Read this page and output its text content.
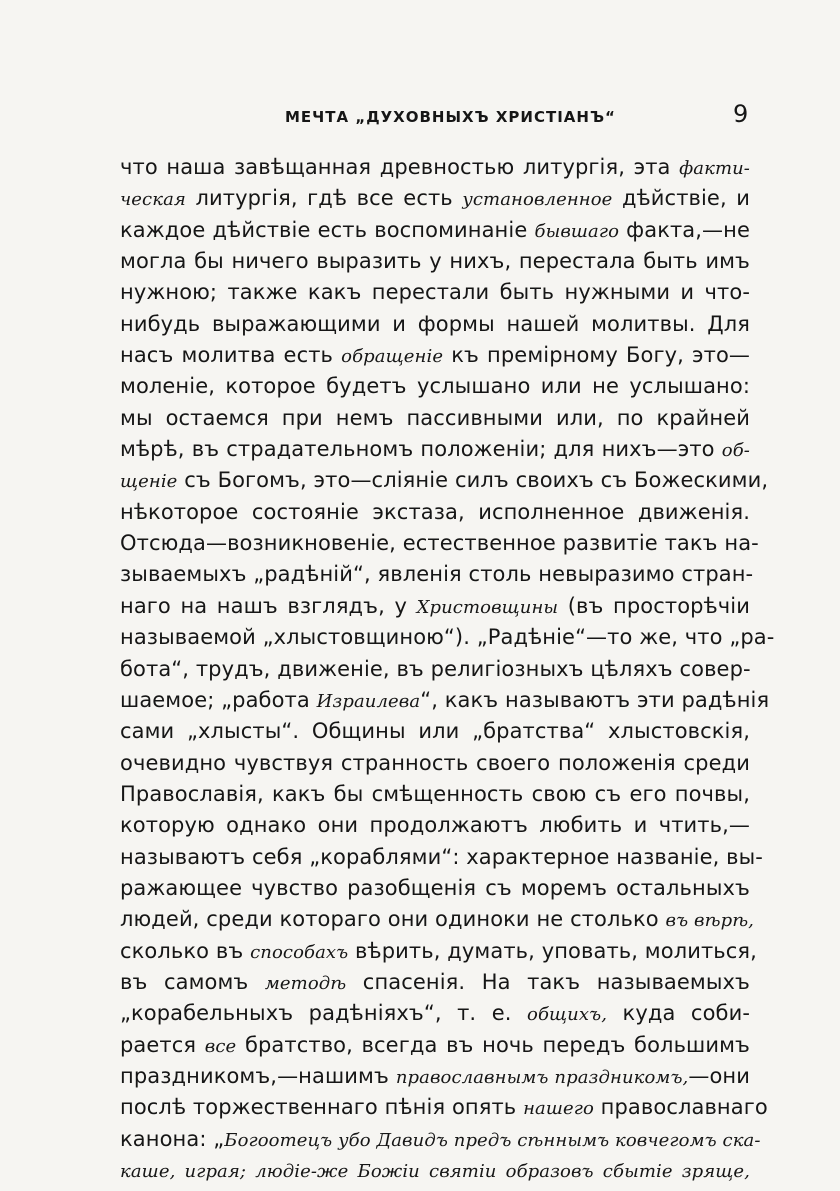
МЕЧТА „ДУХОВНЫХЪ ХРИСТІАНЪ“	9
что наша завѣщанная древностью литургія, эта факти-
ческая литургія, гдѣ все есть установленное дѣйствіе, и
каждое дѣйствіе есть воспоминаніе бывшаго факта,—не
могла бы ничего выразить у нихъ, перестала быть имъ
нужною; также какъ перестали быть нужными и что-
нибудь выражающими и формы нашей молитвы. Для
насъ молитва есть обращеніе къ премірному Богу, это—
моленіе, которое будетъ услышано или не услышано:
мы остаемся при немъ пассивными или, по крайней
мѣрѣ, въ страдательномъ положеніи; для нихъ—это об-
щеніе съ Богомъ, это—сліяніе силъ своихъ съ Божескими,
нѣкоторое состояніе экстаза, исполненное движенія.
Отсюда—возникновеніе, естественное развитіе такъ на-
зываемыхъ „радѣній“, явленія столь невыразимо стран-
наго на нашъ взглядъ, у Христовщины (въ просторѣчіи
называемой „хлыстовщиною“). „Радѣніе“—то же, что „ра-
бота“, трудъ, движеніе, въ религіозныхъ цѣляхъ совер-
шаемое; „работа Израилева“, какъ называютъ эти радѣнія
сами „хлысты“. Общины или „братства“ хлыстовскія,
очевидно чувствуя странность своего положенія среди
Православія, какъ бы смѣщенность свою съ его почвы,
которую однако они продолжаютъ любить и чтить,—
называютъ себя „кораблями“: характерное названіе, вы-
ражающее чувство разобщенія съ моремъ остальныхъ
людей, среди котораго они одиноки не столько въ вѣрѣ,
сколько въ способахъ вѣрить, думать, уповать, молиться,
въ самомъ методѣ спасенія. На такъ называемыхъ
„корабельныхъ радѣніяхъ“, т. е. общихъ, куда соби-
рается все братство, всегда въ ночь передъ большимъ
праздникомъ,—нашимъ православнымъ праздникомъ,—они
послѣ торжественнаго пѣнія опять нашего православнаго
канона: „Богоотецъ убо Давидъ предъ сѣннымъ ковчегомъ ска-
каше, играя; людіе-же Божіи святіи образовъ сбытіе зряще,
